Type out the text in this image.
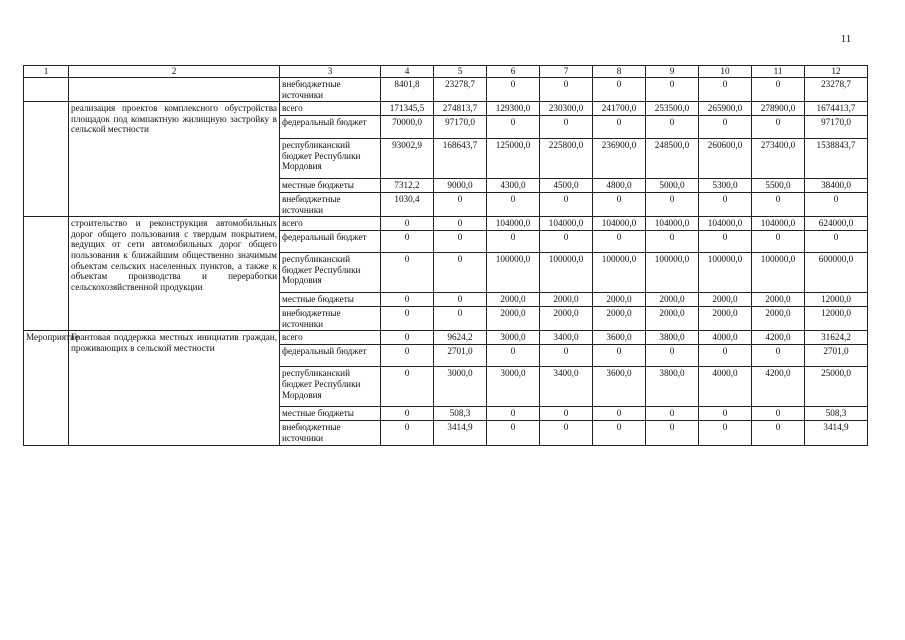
11
1	2	3	4	5	6	7	8	9	10	11	12
		внебюджетные источники	8401,8	23278,7	0	0	0	0	0	0	23278,7
	реализация проектов комплексного обустройства площадок под компактную жилищную застройку в сельской местности	всего	171345,5	274813,7	129300,0	230300,0	241700,0	253500,0	265900,0	278900,0	1674413,7
		федеральный бюджет	70000,0	97170,0	0	0	0	0	0	0	97170,0
		республиканский бюджет Республики Мордовия	93002,9	168643,7	125000,0	225800,0	236900,0	248500,0	260600,0	273400,0	1538843,7
		местные бюджеты	7312,2	9000,0	4300,0	4500,0	4800,0	5000,0	5300,0	5500,0	38400,0
		внебюджетные источники	1030,4	0	0	0	0	0	0	0	0
	строительство и реконструкция автомобильных дорог общего пользования с твердым покрытием, ведущих от сети автомобильных дорог общего пользования к ближайшим общественно значимым объектам сельских населенных пунктов, а также к объектам производства и переработки сельскохозяйственной продукции	всего	0	0	104000,0	104000,0	104000,0	104000,0	104000,0	104000,0	624000,0
		федеральный бюджет	0	0	0	0	0	0	0	0	0
		республиканский бюджет Республики Мордовия	0	0	100000,0	100000,0	100000,0	100000,0	100000,0	100000,0	600000,0
		местные бюджеты	0	0	2000,0	2000,0	2000,0	2000,0	2000,0	2000,0	12000,0
		внебюджетные источники	0	0	2000,0	2000,0	2000,0	2000,0	2000,0	2000,0	12000,0
Мероприятие	Грантовая поддержка местных инициатив граждан, проживающих в сельской местности	всего	0	9624,2	3000,0	3400,0	3600,0	3800,0	4000,0	4200,0	31624,2
		федеральный бюджет	0	2701,0	0	0	0	0	0	0	2701,0
		республиканский бюджет Республики Мордовия	0	3000,0	3000,0	3400,0	3600,0	3800,0	4000,0	4200,0	25000,0
		местные бюджеты	0	508,3	0	0	0	0	0	0	508,3
		внебюджетные источники	0	3414,9	0	0	0	0	0	0	3414,9
